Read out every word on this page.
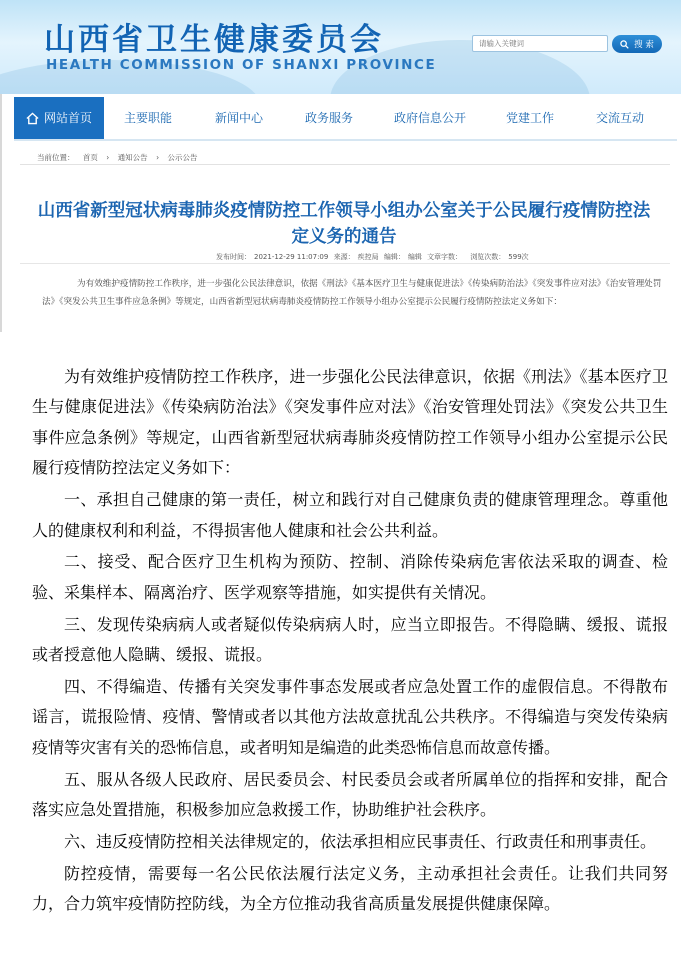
山西省卫生健康委员会
HEALTH COMMISSION OF SHANXI PROVINCE
请输入关键词
搜 索
网站首页	主要职能	新闻中心	政务服务	政府信息公开	党建工作	交流互动
当前位置： 首页 › 通知公告 › 公示公告
山西省新型冠状病毒肺炎疫情防控工作领导小组办公室关于公民履行疫情防控法定义务的通告
发布时间： 2021-12-29 11:07:09 来源： 疾控局 编辑： 编辑 文章字数： 浏览次数： 599次
为有效维护疫情防控工作秩序，进一步强化公民法律意识，依据《刑法》《基本医疗卫生与健康促进法》《传染病防治法》《突发事件应对法》《治安管理处罚法》《突发公共卫生事件应急条例》等规定，山西省新型冠状病毒肺炎疫情防控工作领导小组办公室提示公民履行疫情防控法定义务如下：

为有效维护疫情防控工作秩序，进一步强化公民法律意识，依据《刑法》《基本医疗卫生与健康促进法》《传染病防治法》《突发事件应对法》《治安管理处罚法》《突发公共卫生事件应急条例》等规定，山西省新型冠状病毒肺炎疫情防控工作领导小组办公室提示公民履行疫情防控法定义务如下：

一、承担自己健康的第一责任，树立和践行对自己健康负责的健康管理理念。尊重他人的健康权利和利益，不得损害他人健康和社会公共利益。

二、接受、配合医疗卫生机构为预防、控制、消除传染病危害依法采取的调查、检验、采集样本、隔离治疗、医学观察等措施，如实提供有关情况。

三、发现传染病病人或者疑似传染病病人时，应当立即报告。不得隐瞒、缓报、谎报或者授意他人隐瞒、缓报、谎报。

四、不得编造、传播有关突发事件事态发展或者应急处置工作的虚假信息。不得散布谣言，谎报险情、疫情、警情或者以其他方法故意扰乱公共秩序。不得编造与突发传染病疫情等灾害有关的恐怖信息，或者明知是编造的此类恐怖信息而故意传播。

五、服从各级人民政府、居民委员会、村民委员会或者所属单位的指挥和安排，配合落实应急处置措施，积极参加应急救援工作，协助维护社会秩序。

六、违反疫情防控相关法律规定的，依法承担相应民事责任、行政责任和刑事责任。

防控疫情，需要每一名公民依法履行法定义务，主动承担社会责任。让我们共同努力，合力筑牢疫情防控防线，为全方位推动我省高质量发展提供健康保障。
